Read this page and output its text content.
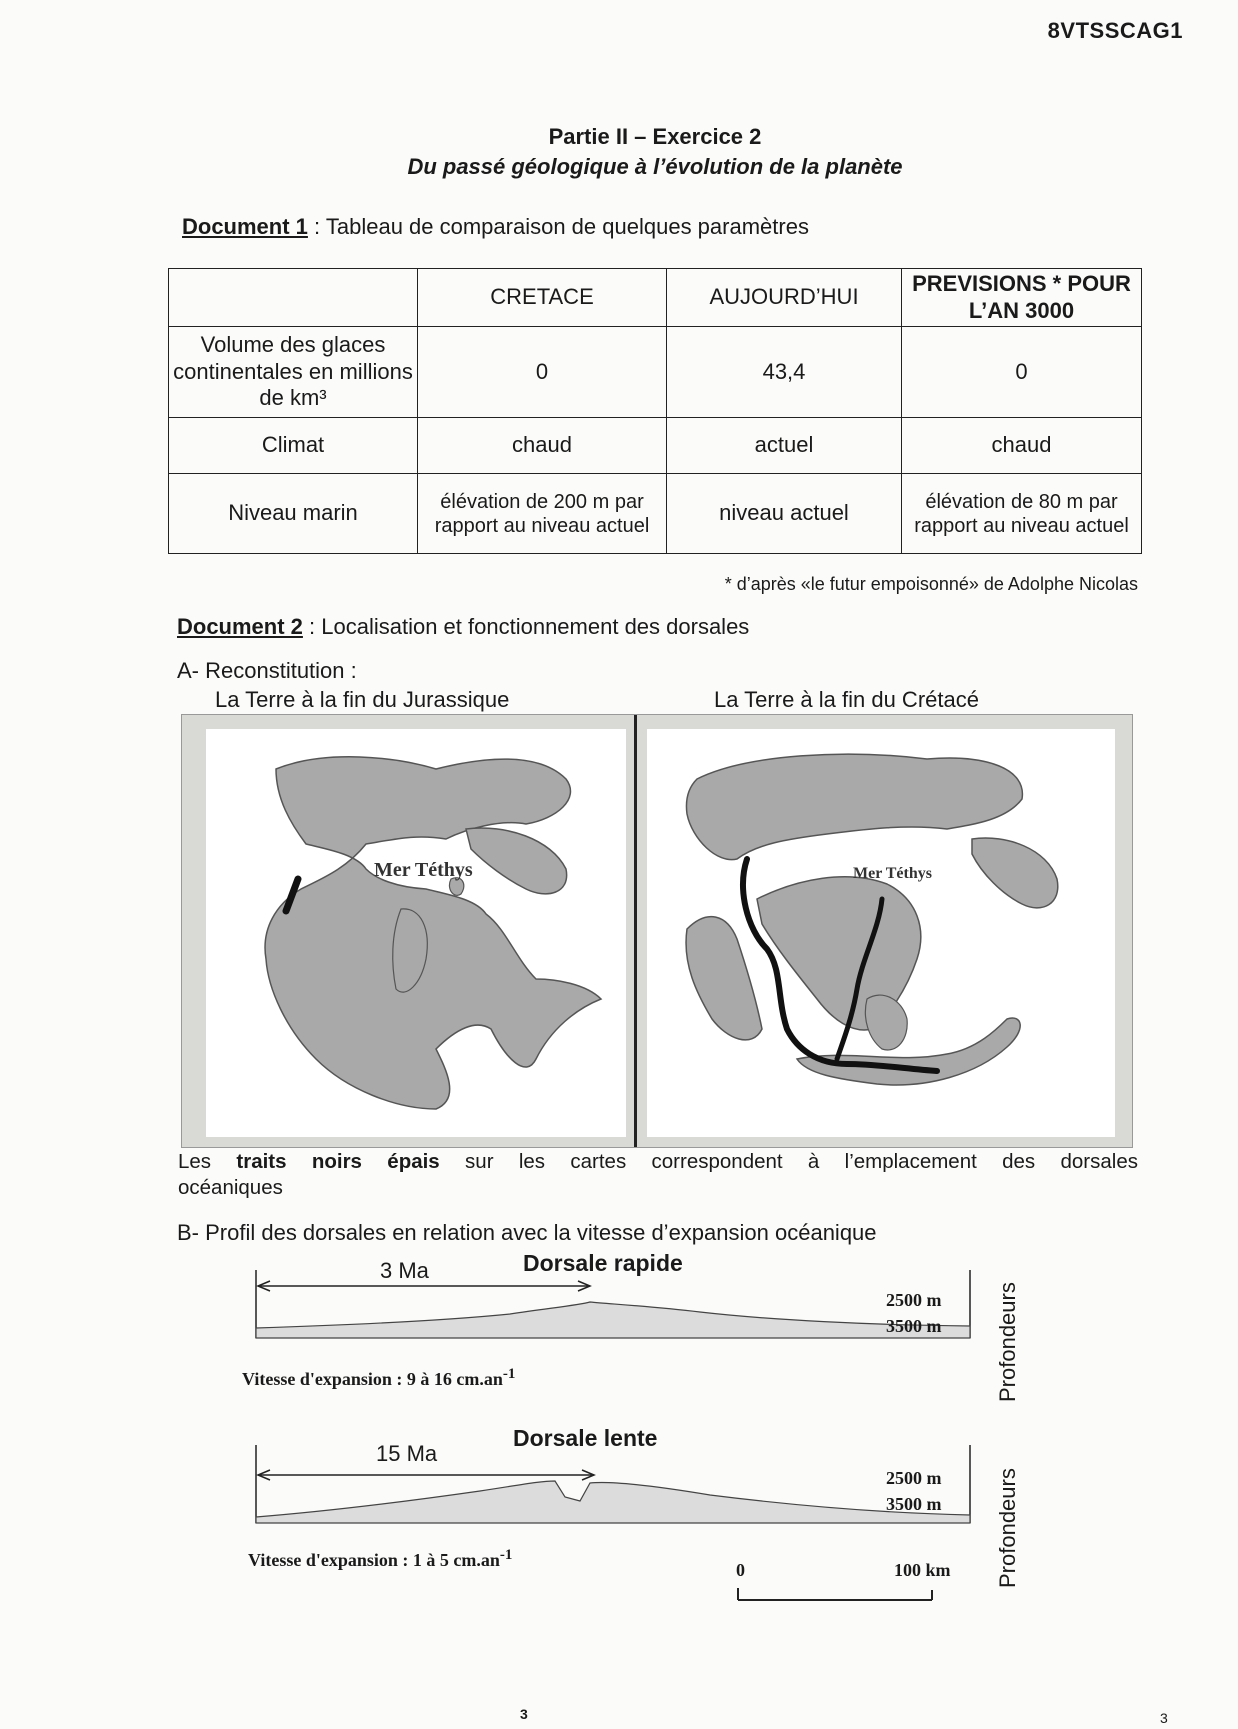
8VTSSCAG1
Partie II – Exercice 2
Du passé géologique à l’évolution de la planète
Document 1 : Tableau de comparaison de quelques paramètres
	CRETACE	AUJOURD’HUI	PREVISIONS * POUR L’AN 3000
Volume des glaces continentales en millions de km³	0	43,4	0
Climat	chaud	actuel	chaud
Niveau marin	élévation de 200 m par rapport au niveau actuel	niveau actuel	élévation de 80 m par rapport au niveau actuel
* d’après «le futur empoisonné» de Adolphe Nicolas
Document 2 : Localisation et fonctionnement des dorsales
A- Reconstitution :
La Terre à la fin du Jurassique	La Terre à la fin du Crétacé
Mer Téthys	Mer Téthys
Les traits noirs épais sur les cartes correspondent à l’emplacement des dorsales
océaniques
B- Profil des dorsales en relation avec la vitesse d’expansion océanique
Dorsale rapide
3 Ma
2500 m
3500 m
Vitesse d'expansion : 9 à 16 $cm.an^{-1}$	Profondeurs
Dorsale lente
15 Ma
2500 m
3500 m
Vitesse d'expansion : 1 à 5 $cm.an^{-1}$	Profondeurs
0	100 km
3	3
